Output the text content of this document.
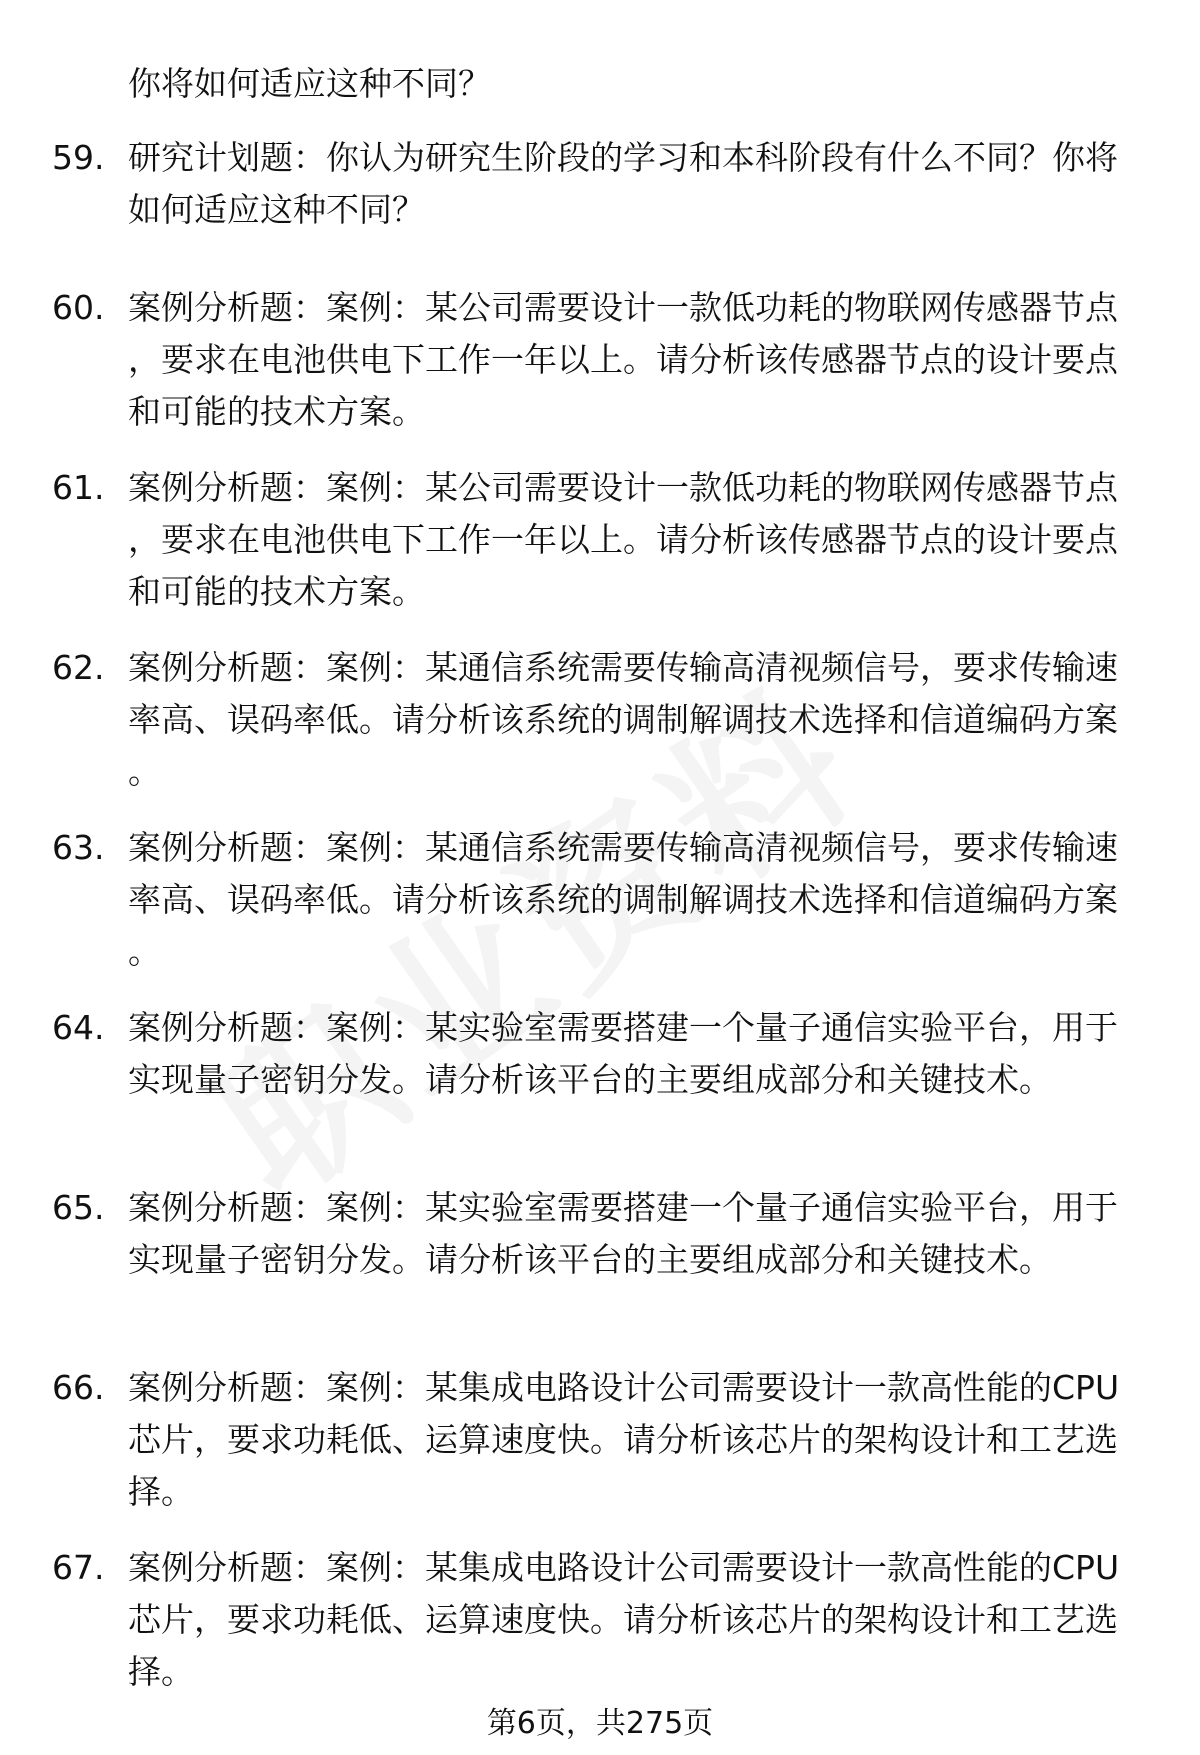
你将如何适应这种不同？
59. 研究计划题：你认为研究生阶段的学习和本科阶段有什么不同？你将如何适应这种不同？
60. 案例分析题：案例：某公司需要设计一款低功耗的物联网传感器节点，要求在电池供电下工作一年以上。请分析该传感器节点的设计要点和可能的技术方案。
61. 案例分析题：案例：某公司需要设计一款低功耗的物联网传感器节点，要求在电池供电下工作一年以上。请分析该传感器节点的设计要点和可能的技术方案。
62. 案例分析题：案例：某通信系统需要传输高清视频信号，要求传输速率高、误码率低。请分析该系统的调制解调技术选择和信道编码方案。
63. 案例分析题：案例：某通信系统需要传输高清视频信号，要求传输速率高、误码率低。请分析该系统的调制解调技术选择和信道编码方案。
64. 案例分析题：案例：某实验室需要搭建一个量子通信实验平台，用于实现量子密钥分发。请分析该平台的主要组成部分和关键技术。
65. 案例分析题：案例：某实验室需要搭建一个量子通信实验平台，用于实现量子密钥分发。请分析该平台的主要组成部分和关键技术。
66. 案例分析题：案例：某集成电路设计公司需要设计一款高性能的CPU芯片，要求功耗低、运算速度快。请分析该芯片的架构设计和工艺选择。
67. 案例分析题：案例：某集成电路设计公司需要设计一款高性能的CPU芯片，要求功耗低、运算速度快。请分析该芯片的架构设计和工艺选择。
第6页，共275页
